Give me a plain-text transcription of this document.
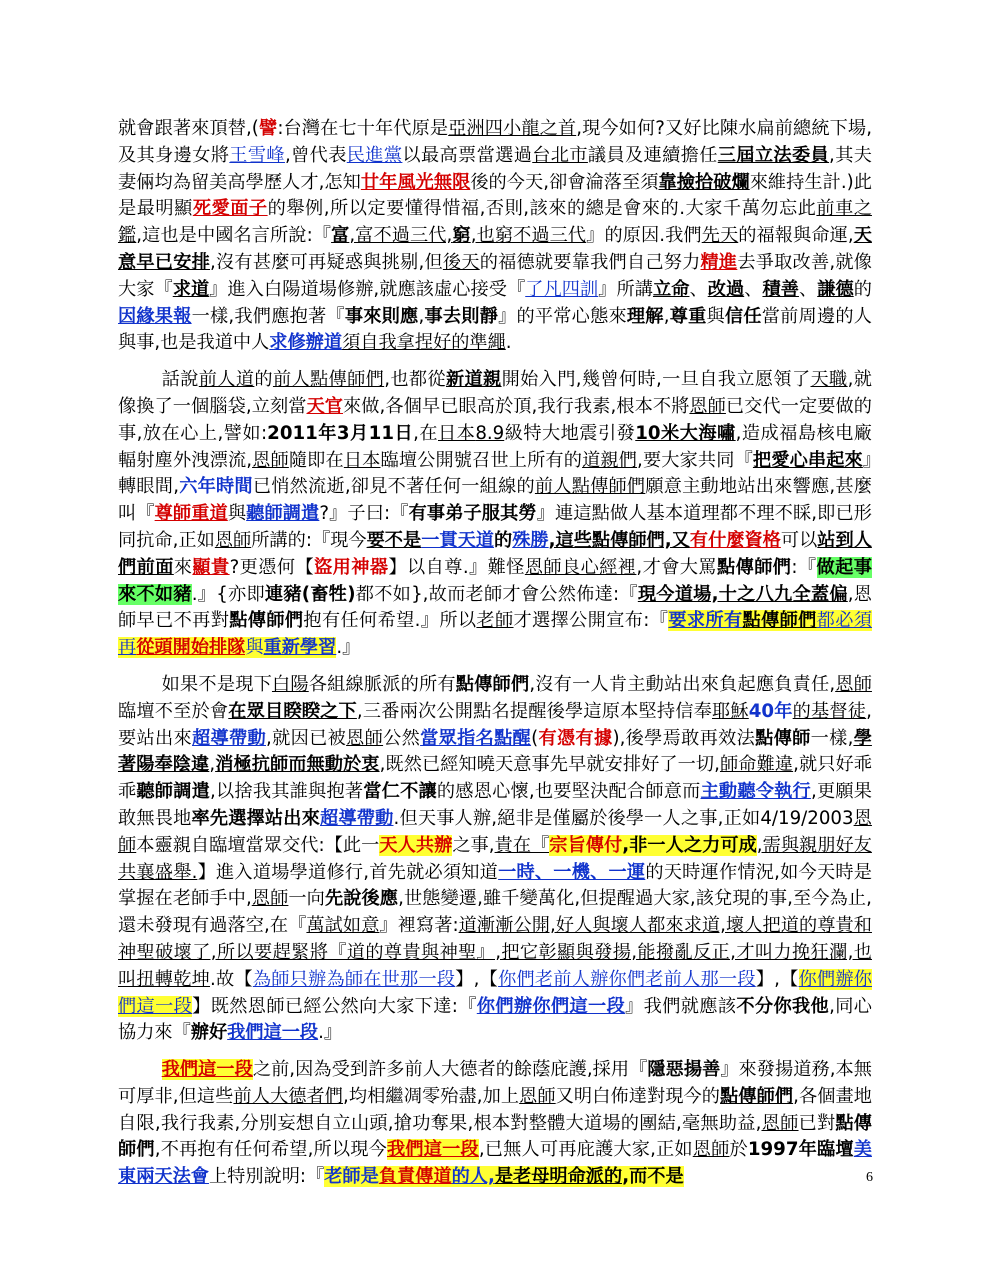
就會跟著來頂替,(譬:台灣在七十年代原是亞洲四小龍之首,現今如何?又好比陳水扁前總統下場,及其身邊女將王雪峰,曾代表民進黨以最高票當選過台北市議員及連續擔任三屆立法委員,其夫妻倆均為留美高學歷人才,怎知廿年風光無限後的今天,卻會淪落至須靠撿拾破爛來維持生計.)此是最明顯死愛面子的舉例,所以定要懂得惜福,否則,該來的總是會來的.大家千萬勿忘此前車之鑑,這也是中國名言所說:『富,富不過三代,窮,也窮不過三代』的原因.我們先天的福報與命運,天意早已安排,沒有甚麼可再疑惑與挑剔,但後天的福德就要靠我們自己努力精進去爭取改善,就像大家『求道』進入白陽道場修辦,就應該虛心接受『了凡四訓』所講立命、改過、積善、謙德的因緣果報一樣,我們應抱著『事來則應,事去則靜』的平常心態來理解,尊重與信任當前周邊的人與事,也是我道中人求修辦道須自我拿捏好的準繩.

話說前人道的前人點傳師們,也都從新道親開始入門,幾曾何時,一旦自我立愿領了天職,就像換了一個腦袋,立刻當天官來做,各個早已眼高於頂,我行我素,根本不將恩師已交代一定要做的事,放在心上,譬如:2011年3月11日,在日本8.9級特大地震引發10米大海嘯,造成福島核电廠輻射塵外洩漂流,恩師隨即在日本臨壇公開號召世上所有的道親們,要大家共同『把愛心串起來』轉眼間,六年時間已悄然流逝,卻見不著任何一組線的前人點傳師們願意主動地站出來響應,甚麼叫『尊師重道與聽師調遣?』子曰:『有事弟子服其勞』連這點做人基本道理都不理不睬,即已形同抗命,正如恩師所講的:『現今要不是一貫天道的殊勝,這些點傳師們,又有什麼資格可以站到人們前面來顯貴?更憑何【盜用神器】以自尊.』難怪恩師良心經裡,才會大罵點傳師們:『做起事來不如豬.』{亦即連豬(畜牲)都不如},故而老師才會公然佈達:『現今道場,十之八九全蓋偏,恩師早已不再對點傳師們抱有任何希望.』所以老師才選擇公開宣布:『要求所有點傳師們都必須再從頭開始排隊與重新學習.』

如果不是現下白陽各組線脈派的所有點傳師們,沒有一人肯主動站出來負起應負責任,恩師臨壇不至於會在眾目睽睽之下,三番兩次公開點名提醒後學這原本堅持信奉耶穌40年的基督徒,要站出來超導帶動,就因已被恩師公然當眾指名點醒(有憑有據),後學焉敢再效法點傳師一樣,學著陽奉陰違,消極抗師而無動於衷,既然已經知曉天意事先早就安排好了一切,師命難違,就只好乖乖聽師調遣,以捨我其誰與抱著當仁不讓的感恩心懷,也要堅決配合師意而主動聽令執行,更願果敢無畏地率先選擇站出來超導帶動.但天事人辦,絕非是僅屬於後學一人之事,正如4/19/2003恩師本靈親自臨壇當眾交代:【此一天人共辦之事,貴在『宗旨傳付,非一人之力可成,需與親朋好友共襄盛舉.】進入道場學道修行,首先就必須知道一時、一機、一運的天時運作情況,如今天時是掌握在老師手中,恩師一向先說後應,世態變遷,雖千變萬化,但提醒過大家,該兌現的事,至今為止,還未發現有過落空,在『萬試如意』裡寫著:道漸漸公開,好人與壞人都來求道,壞人把道的尊貴和神聖破壞了,所以要趕緊將『道的尊貴與神聖』,把它彰顯與發揚,能撥亂反正,才叫力挽狂瀾,也叫扭轉乾坤.故【為師只辦為師在世那一段】,【你們老前人辦你們老前人那一段】,【你們辦你們這一段】既然恩師已經公然向大家下達:『你們辦你們這一段』我們就應該不分你我他,同心協力來『辦好我們這一段.』

我們這一段之前,因為受到許多前人大德者的餘蔭庇護,採用『隱惡揚善』來發揚道務,本無可厚非,但這些前人大德者們,均相繼凋零殆盡,加上恩師又明白佈達對現今的點傳師們,各個畫地自限,我行我素,分別妄想自立山頭,搶功奪果,根本對整體大道場的團結,毫無助益,恩師已對點傳師們,不再抱有任何希望,所以現今我們這一段,已無人可再庇護大家,正如恩師於1997年臨壇美東兩天法會上特別說明:『老師是負責傳道的人,是老母明命派的,而不是	6
